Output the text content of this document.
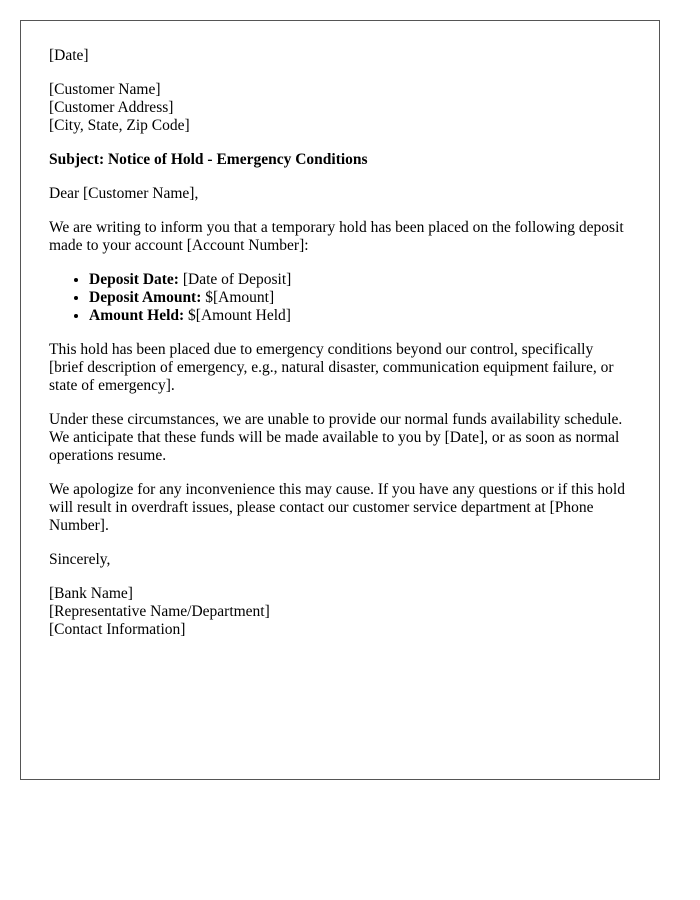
[Date]
[Customer Name]
[Customer Address]
[City, State, Zip Code]
Subject: Notice of Hold - Emergency Conditions
Dear [Customer Name],
We are writing to inform you that a temporary hold has been placed on the following deposit made to your account [Account Number]:
• Deposit Date: [Date of Deposit]
• Deposit Amount: $[Amount]
• Amount Held: $[Amount Held]
This hold has been placed due to emergency conditions beyond our control, specifically [brief description of emergency, e.g., natural disaster, communication equipment failure, or state of emergency].
Under these circumstances, we are unable to provide our normal funds availability schedule. We anticipate that these funds will be made available to you by [Date], or as soon as normal operations resume.
We apologize for any inconvenience this may cause. If you have any questions or if this hold will result in overdraft issues, please contact our customer service department at [Phone Number].
Sincerely,
[Bank Name]
[Representative Name/Department]
[Contact Information]
